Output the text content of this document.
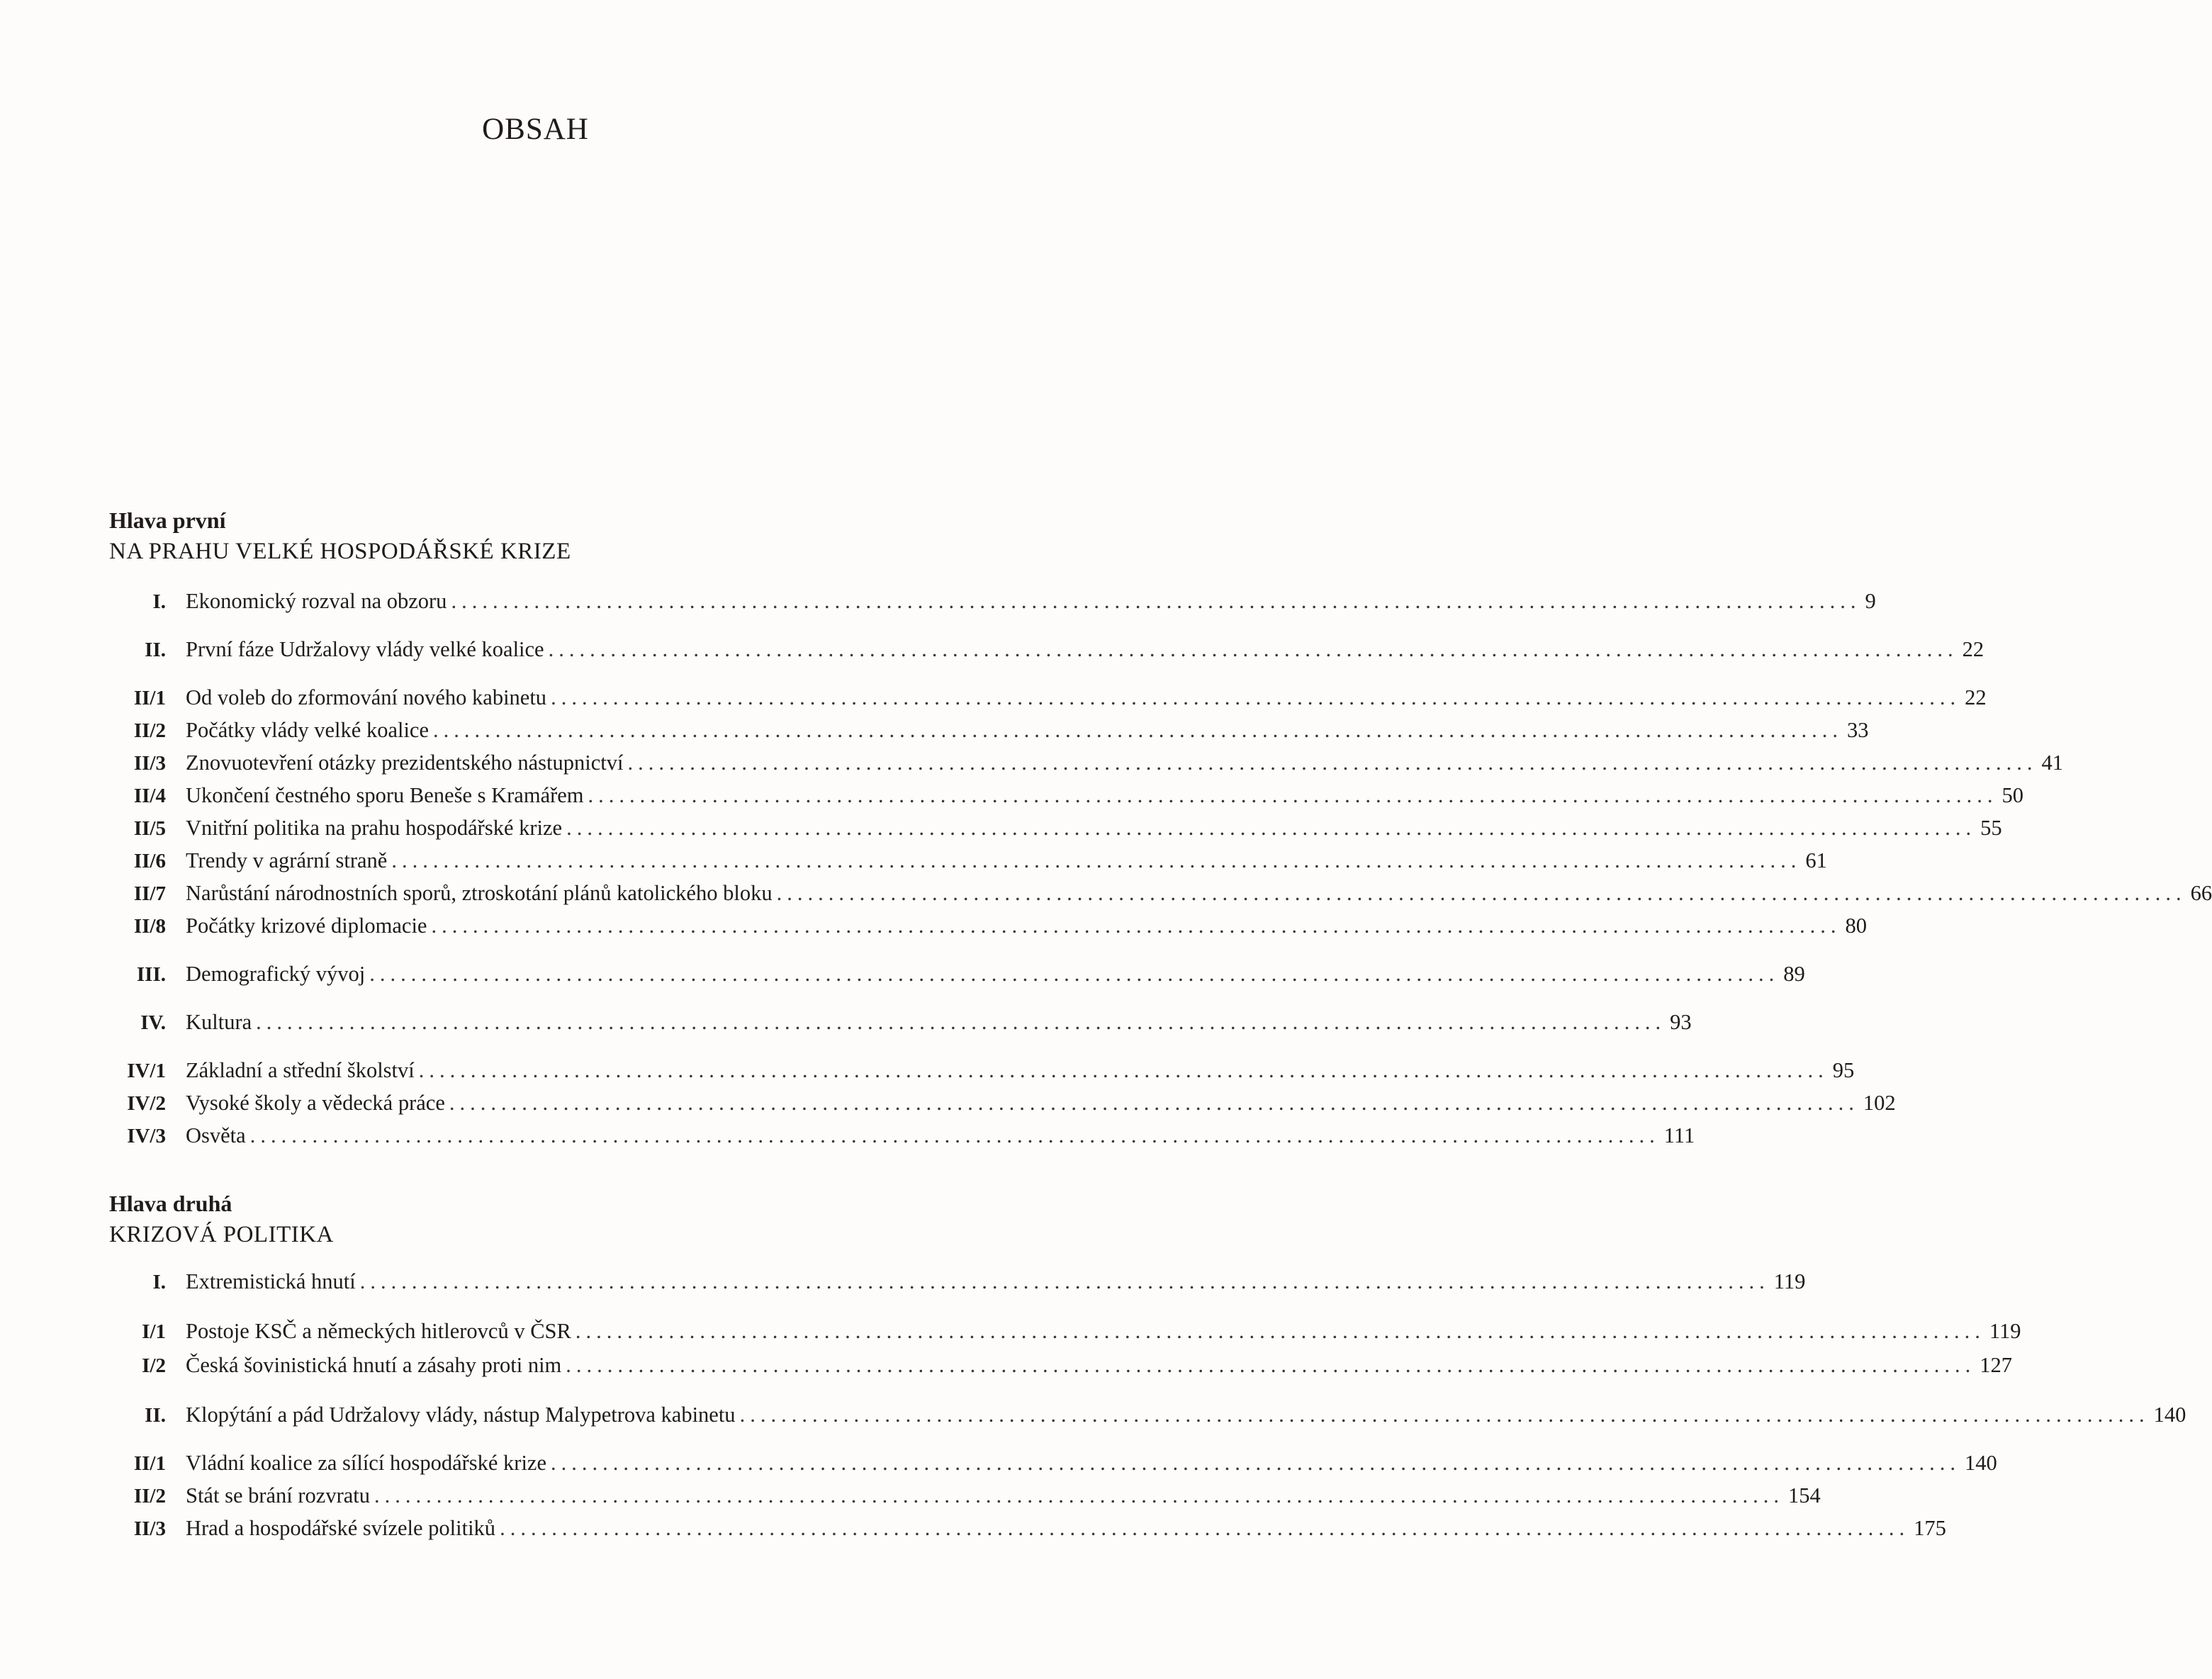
OBSAH
Hlava první
NA PRAHU VELKÉ HOSPODÁŘSKÉ KRIZE
I. Ekonomický rozval na obzoru ........................................................................................................................................ 9
II. První fáze Udržalovy vlády velké koalice ........................................................................................................................................ 22
II/1 Od voleb do zformování nového kabinetu ........................................................................................................................................ 22
II/2 Počátky vlády velké koalice ........................................................................................................................................ 33
II/3 Znovuotevření otázky prezidentského nástupnictví ........................................................................................................................................ 41
II/4 Ukončení čestného sporu Beneše s Kramářem ........................................................................................................................................ 50
II/5 Vnitřní politika na prahu hospodářské krize ........................................................................................................................................ 55
II/6 Trendy v agrární straně ........................................................................................................................................ 61
II/7 Narůstání národnostních sporů, ztroskotání plánů katolického bloku ........................................................................................................................................ 66
II/8 Počátky krizové diplomacie ........................................................................................................................................ 80
III. Demografický vývoj ........................................................................................................................................ 89
IV. Kultura ........................................................................................................................................ 93
IV/1 Základní a střední školství ........................................................................................................................................ 95
IV/2 Vysoké školy a vědecká práce ........................................................................................................................................ 102
IV/3 Osvěta ........................................................................................................................................ 111
Hlava druhá
KRIZOVÁ POLITIKA
I. Extremistická hnutí ........................................................................................................................................ 119
I/1 Postoje KSČ a německých hitlerovců v ČSR ........................................................................................................................................ 119
I/2 Česká šovinistická hnutí a zásahy proti nim ........................................................................................................................................ 127
II. Klopýtání a pád Udržalovy vlády, nástup Malypetrova kabinetu ........................................................................................................................................ 140
II/1 Vládní koalice za sílící hospodářské krize ........................................................................................................................................ 140
II/2 Stát se brání rozvratu ........................................................................................................................................ 154
II/3 Hrad a hospodářské svízele politiků ........................................................................................................................................ 175
